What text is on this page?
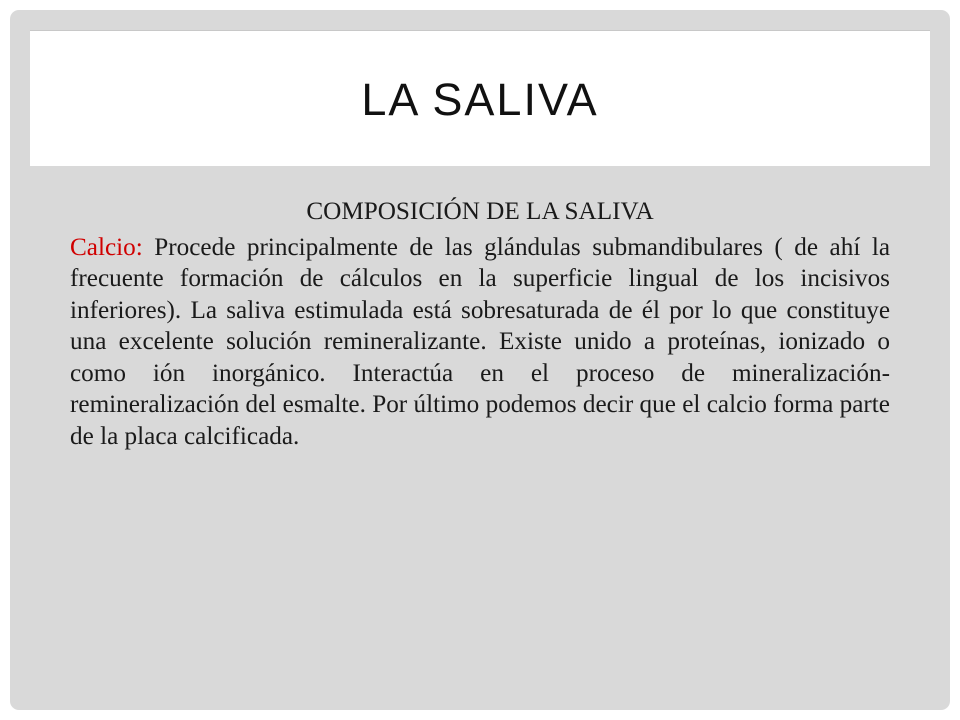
LA SALIVA
COMPOSICIÓN DE LA SALIVA

Calcio: Procede principalmente de las glándulas submandibulares ( de ahí la frecuente formación de cálculos en la superficie lingual de los incisivos inferiores). La saliva estimulada está sobresaturada de él por lo que constituye una excelente solución remineralizante. Existe unido a proteínas, ionizado o como ión inorgánico. Interactúa en el proceso de mineralización-remineralización del esmalte. Por último podemos decir que el calcio forma parte de la placa calcificada.
